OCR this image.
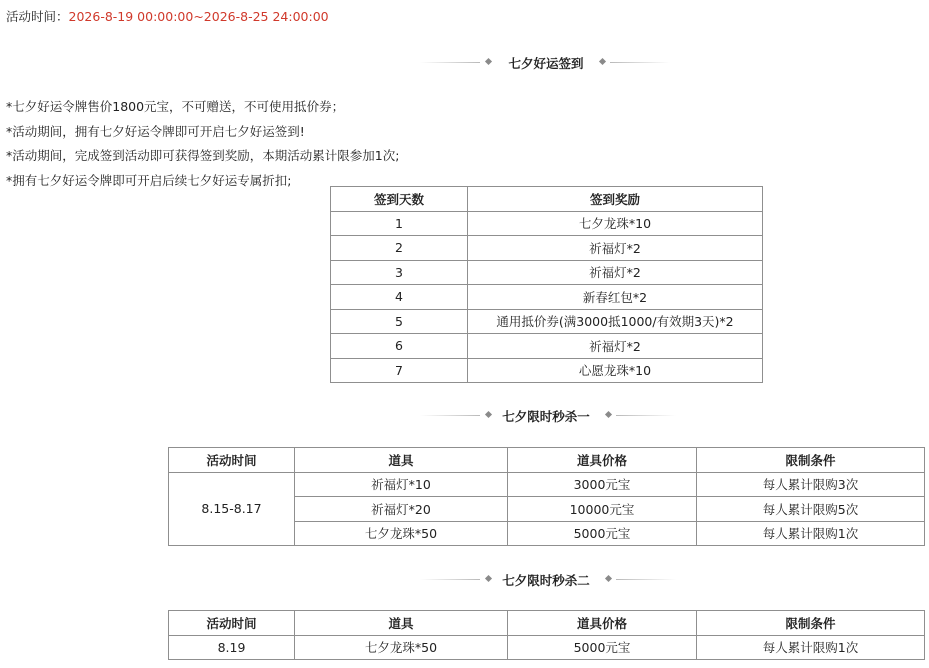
活动时间：2026-8-19 00:00:00~2026-8-25 24:00:00
七夕好运签到
*七夕好运令牌售价1800元宝，不可赠送，不可使用抵价券；
*活动期间，拥有七夕好运令牌即可开启七夕好运签到!
*活动期间，完成签到活动即可获得签到奖励，本期活动累计限参加1次;
*拥有七夕好运令牌即可开启后续七夕好运专属折扣;
签到天数	签到奖励
1	七夕龙珠*10
2	祈福灯*2
3	祈福灯*2
4	新春红包*2
5	通用抵价券(满3000抵1000/有效期3天)*2
6	祈福灯*2
7	心愿龙珠*10
七夕限时秒杀一
活动时间	道具	道具价格	限制条件
8.15-8.17	祈福灯*10	3000元宝	每人累计限购3次
	祈福灯*20	10000元宝	每人累计限购5次
	七夕龙珠*50	5000元宝	每人累计限购1次
七夕限时秒杀二
活动时间	道具	道具价格	限制条件
8.19	七夕龙珠*50	5000元宝	每人累计限购1次
